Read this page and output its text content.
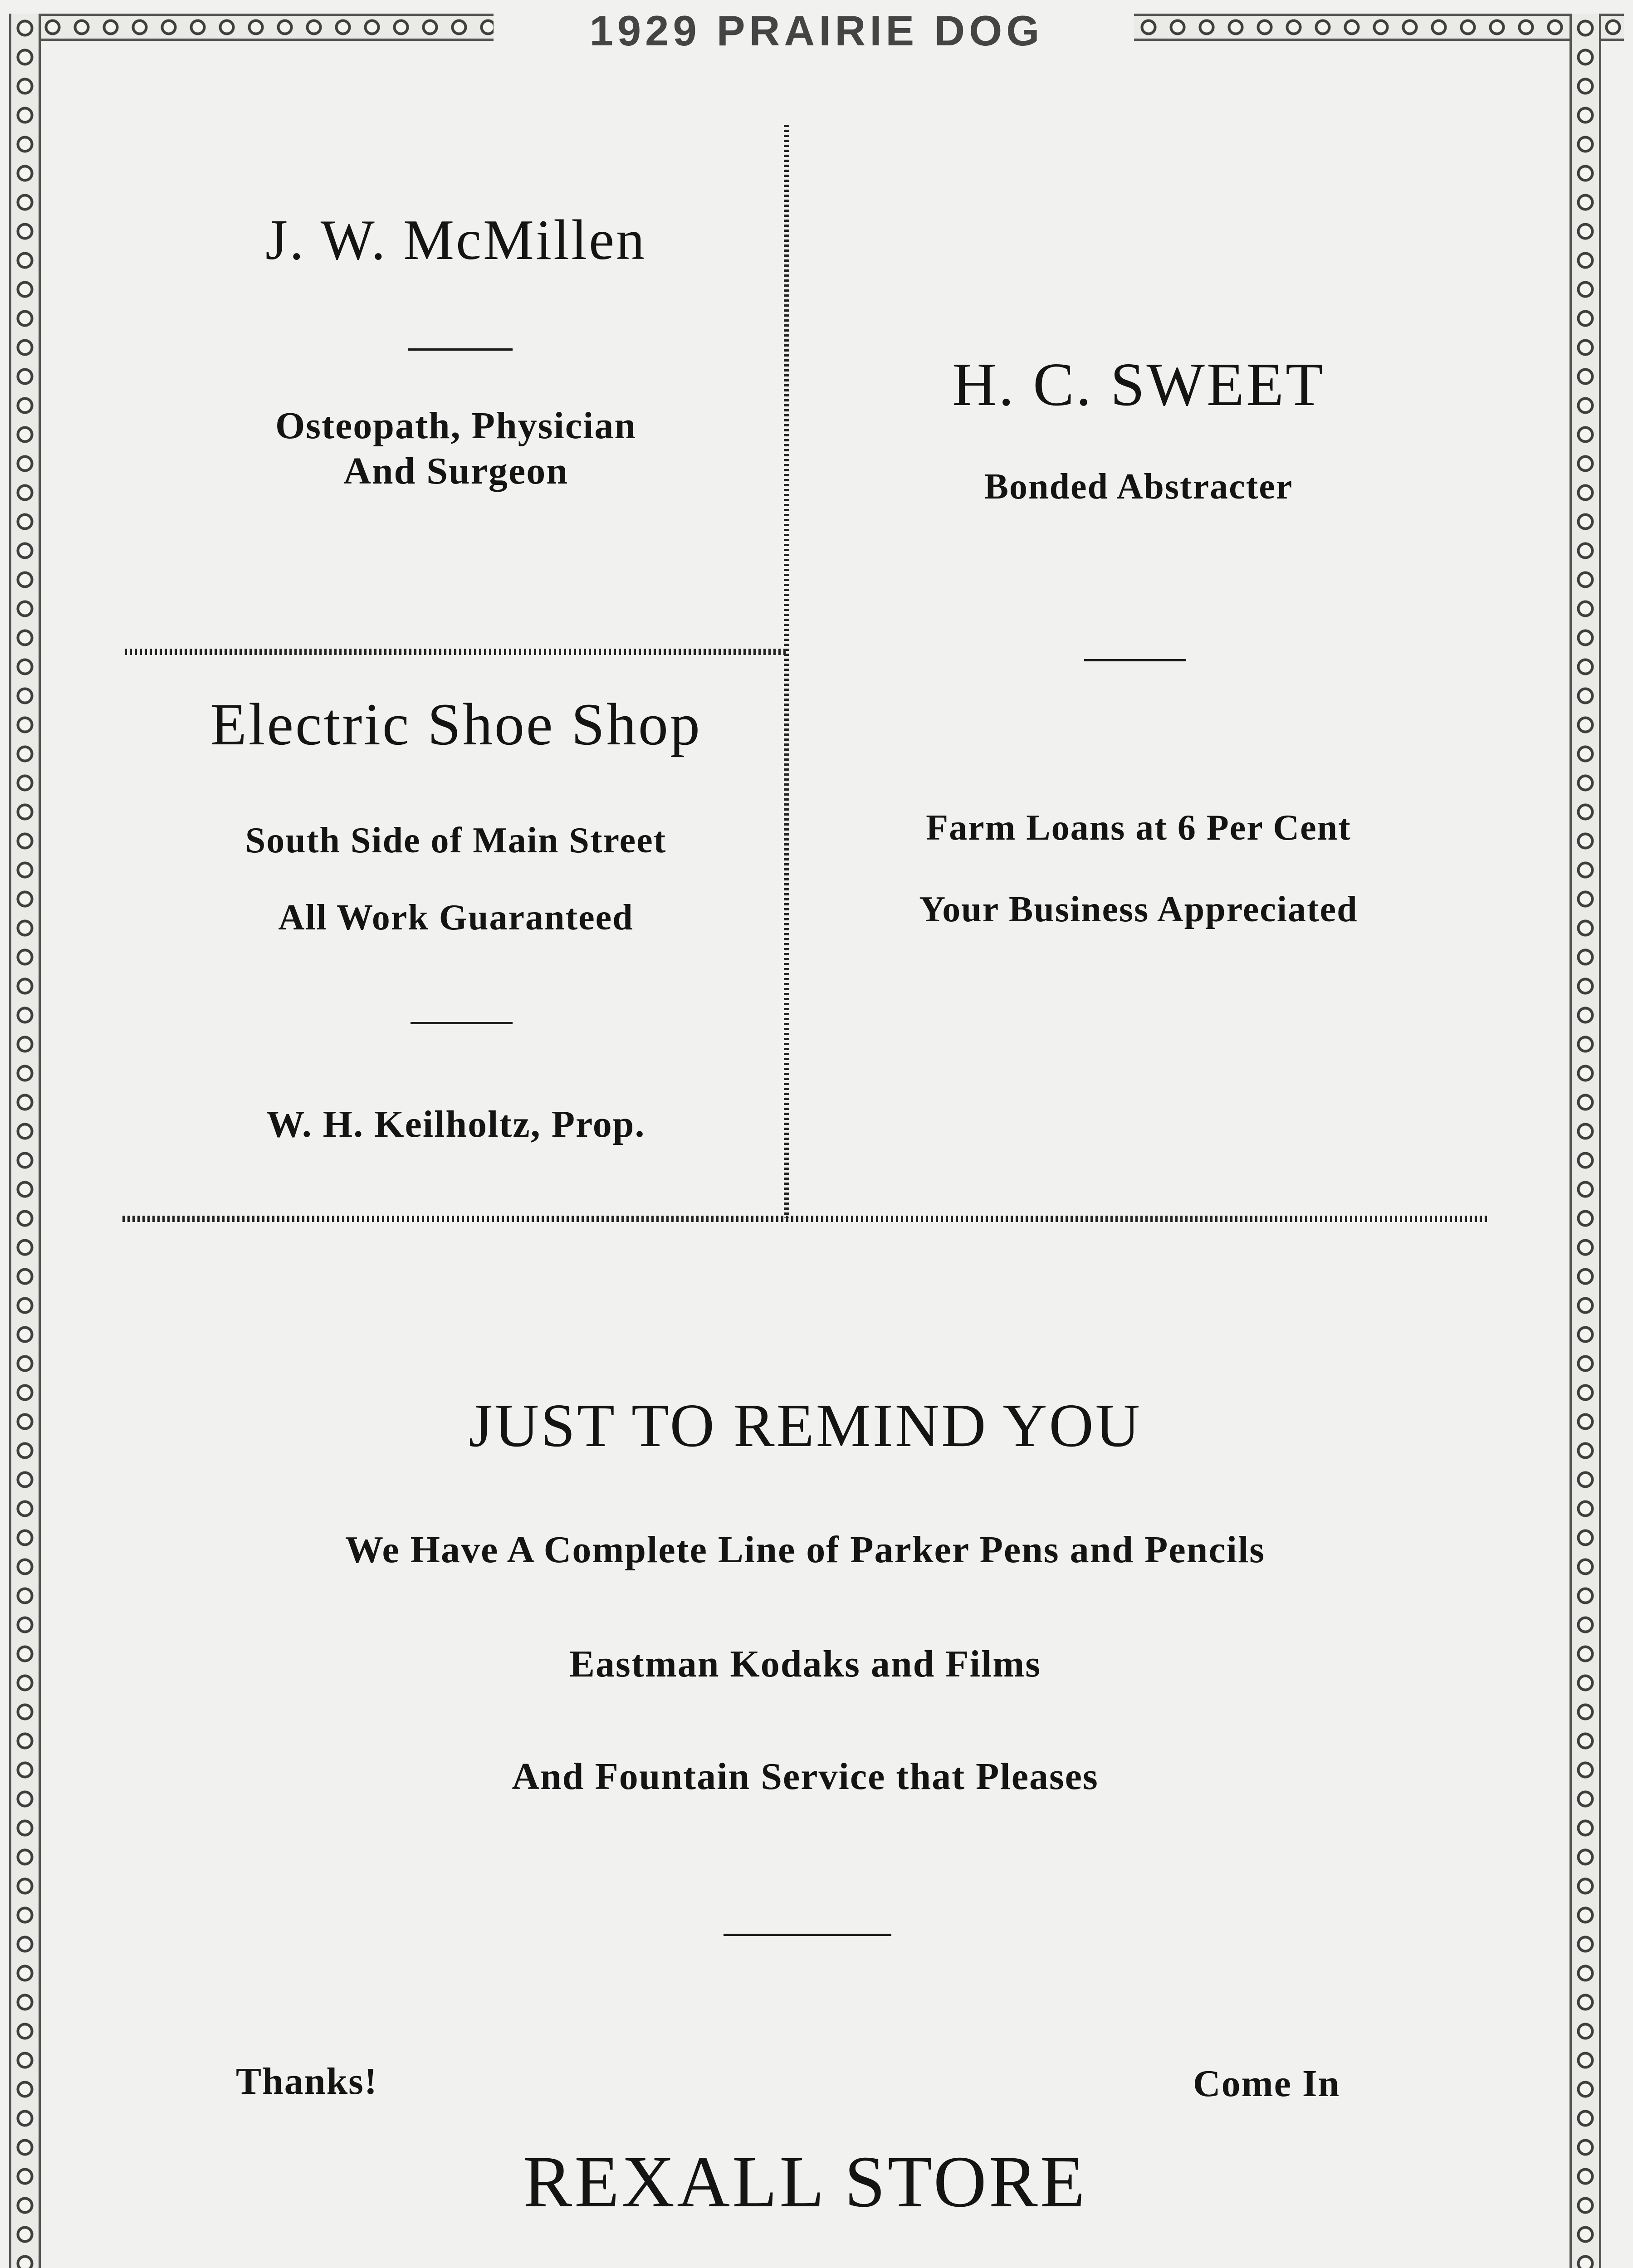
1929 PRAIRIE DOG
J. W. McMillen
Osteopath, Physician
And Surgeon
H. C. SWEET
Bonded Abstracter
Farm Loans at 6 Per Cent
Your Business Appreciated
Electric Shoe Shop
South Side of Main Street
All Work Guaranteed
W. H. Keilholtz, Prop.
JUST TO REMIND YOU
We Have A Complete Line of Parker Pens and Pencils
Eastman Kodaks and Films
And Fountain Service that Pleases
Thanks!	Come In
REXALL STORE
